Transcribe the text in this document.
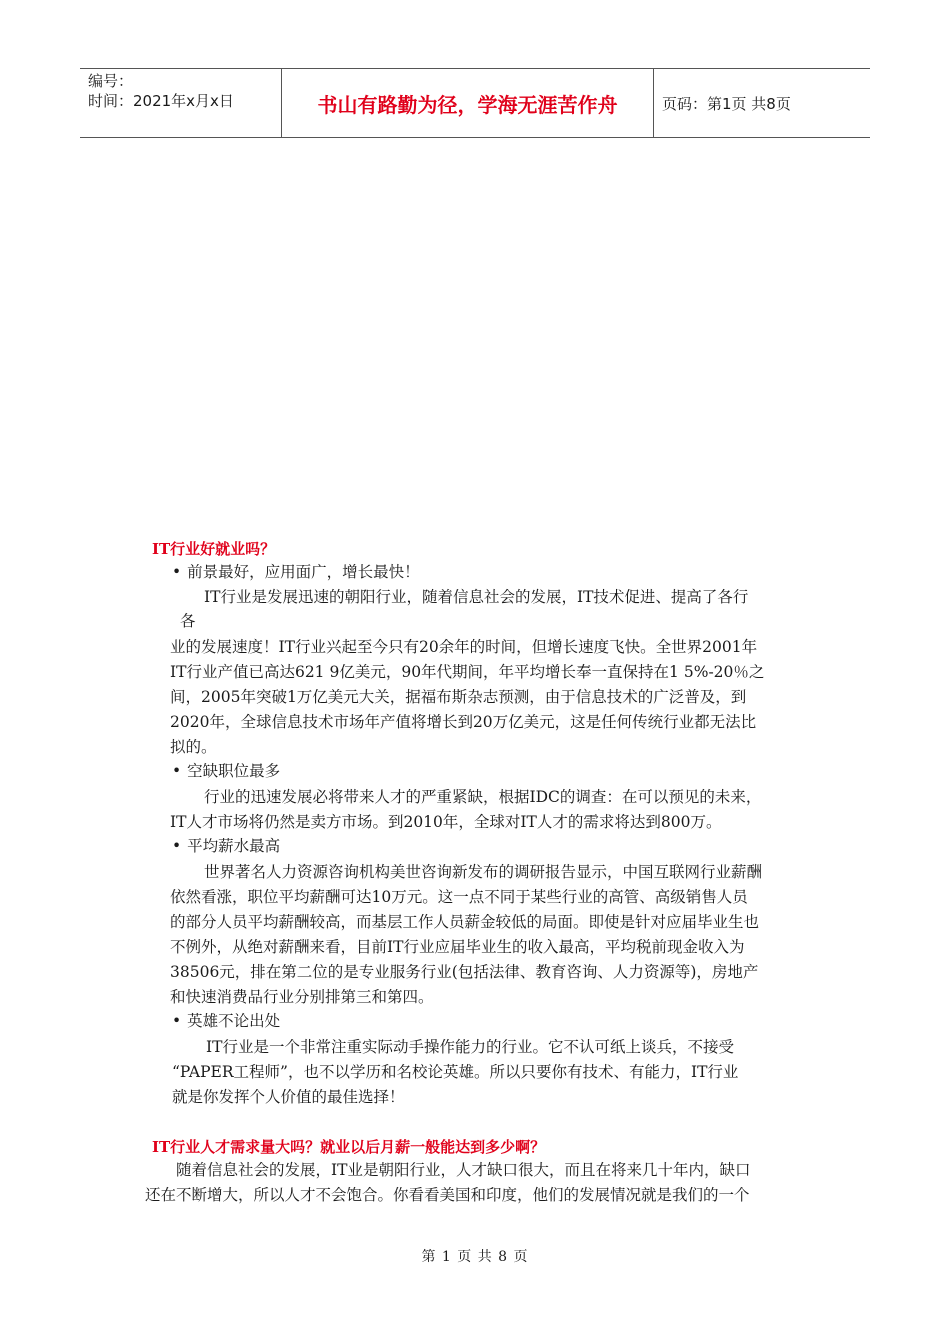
编号：
时间：2021年x月x日	书山有路勤为径，学海无涯苦作舟	页码：第1页 共8页
IT行业好就业吗？
• 前景最好，应用面广，增长最快！
IT行业是发展迅速的朝阳行业，随着信息社会的发展，IT技术促进、提高了各行
各
业的发展速度！IT行业兴起至今只有20余年的时间，但增长速度飞快。全世界2001年
IT行业产值已高达621 9亿美元，90年代期间，年平均增长奉一直保持在1 5%-20％之
间，2005年突破1万亿美元大关，据福布斯杂志预测，由于信息技术的广泛普及，到
2020年，全球信息技术市场年产值将增长到20万亿美元，这是任何传统行业都无法比
拟的。
• 空缺职位最多
行业的迅速发展必将带来人才的严重紧缺，根据IDC的调查：在可以预见的未来，
IT人才市场将仍然是卖方市场。到2010年，全球对IT人才的需求将达到800万。
• 平均薪水最高
世界著名人力资源咨询机构美世咨询新发布的调研报告显示，中国互联网行业薪酬
依然看涨，职位平均薪酬可达10万元。这一点不同于某些行业的高管、高级销售人员
的部分人员平均薪酬较高，而基层工作人员薪金较低的局面。即使是针对应届毕业生也
不例外，从绝对薪酬来看，目前IT行业应届毕业生的收入最高，平均税前现金收入为
38506元，排在第二位的是专业服务行业(包括法律、教育咨询、人力资源等)，房地产
和快速消费品行业分别排第三和第四。
• 英雄不论出处
IT行业是一个非常注重实际动手操作能力的行业。它不认可纸上谈兵，不接受
“PAPER工程师”，也不以学历和名校论英雄。所以只要你有技术、有能力，IT行业
就是你发挥个人价值的最佳选择！
IT行业人才需求量大吗？就业以后月薪一般能达到多少啊？
随着信息社会的发展，IT业是朝阳行业，人才缺口很大，而且在将来几十年内，缺口
还在不断增大，所以人才不会饱合。你看看美国和印度，他们的发展情况就是我们的一个
第 1 页 共 8 页
